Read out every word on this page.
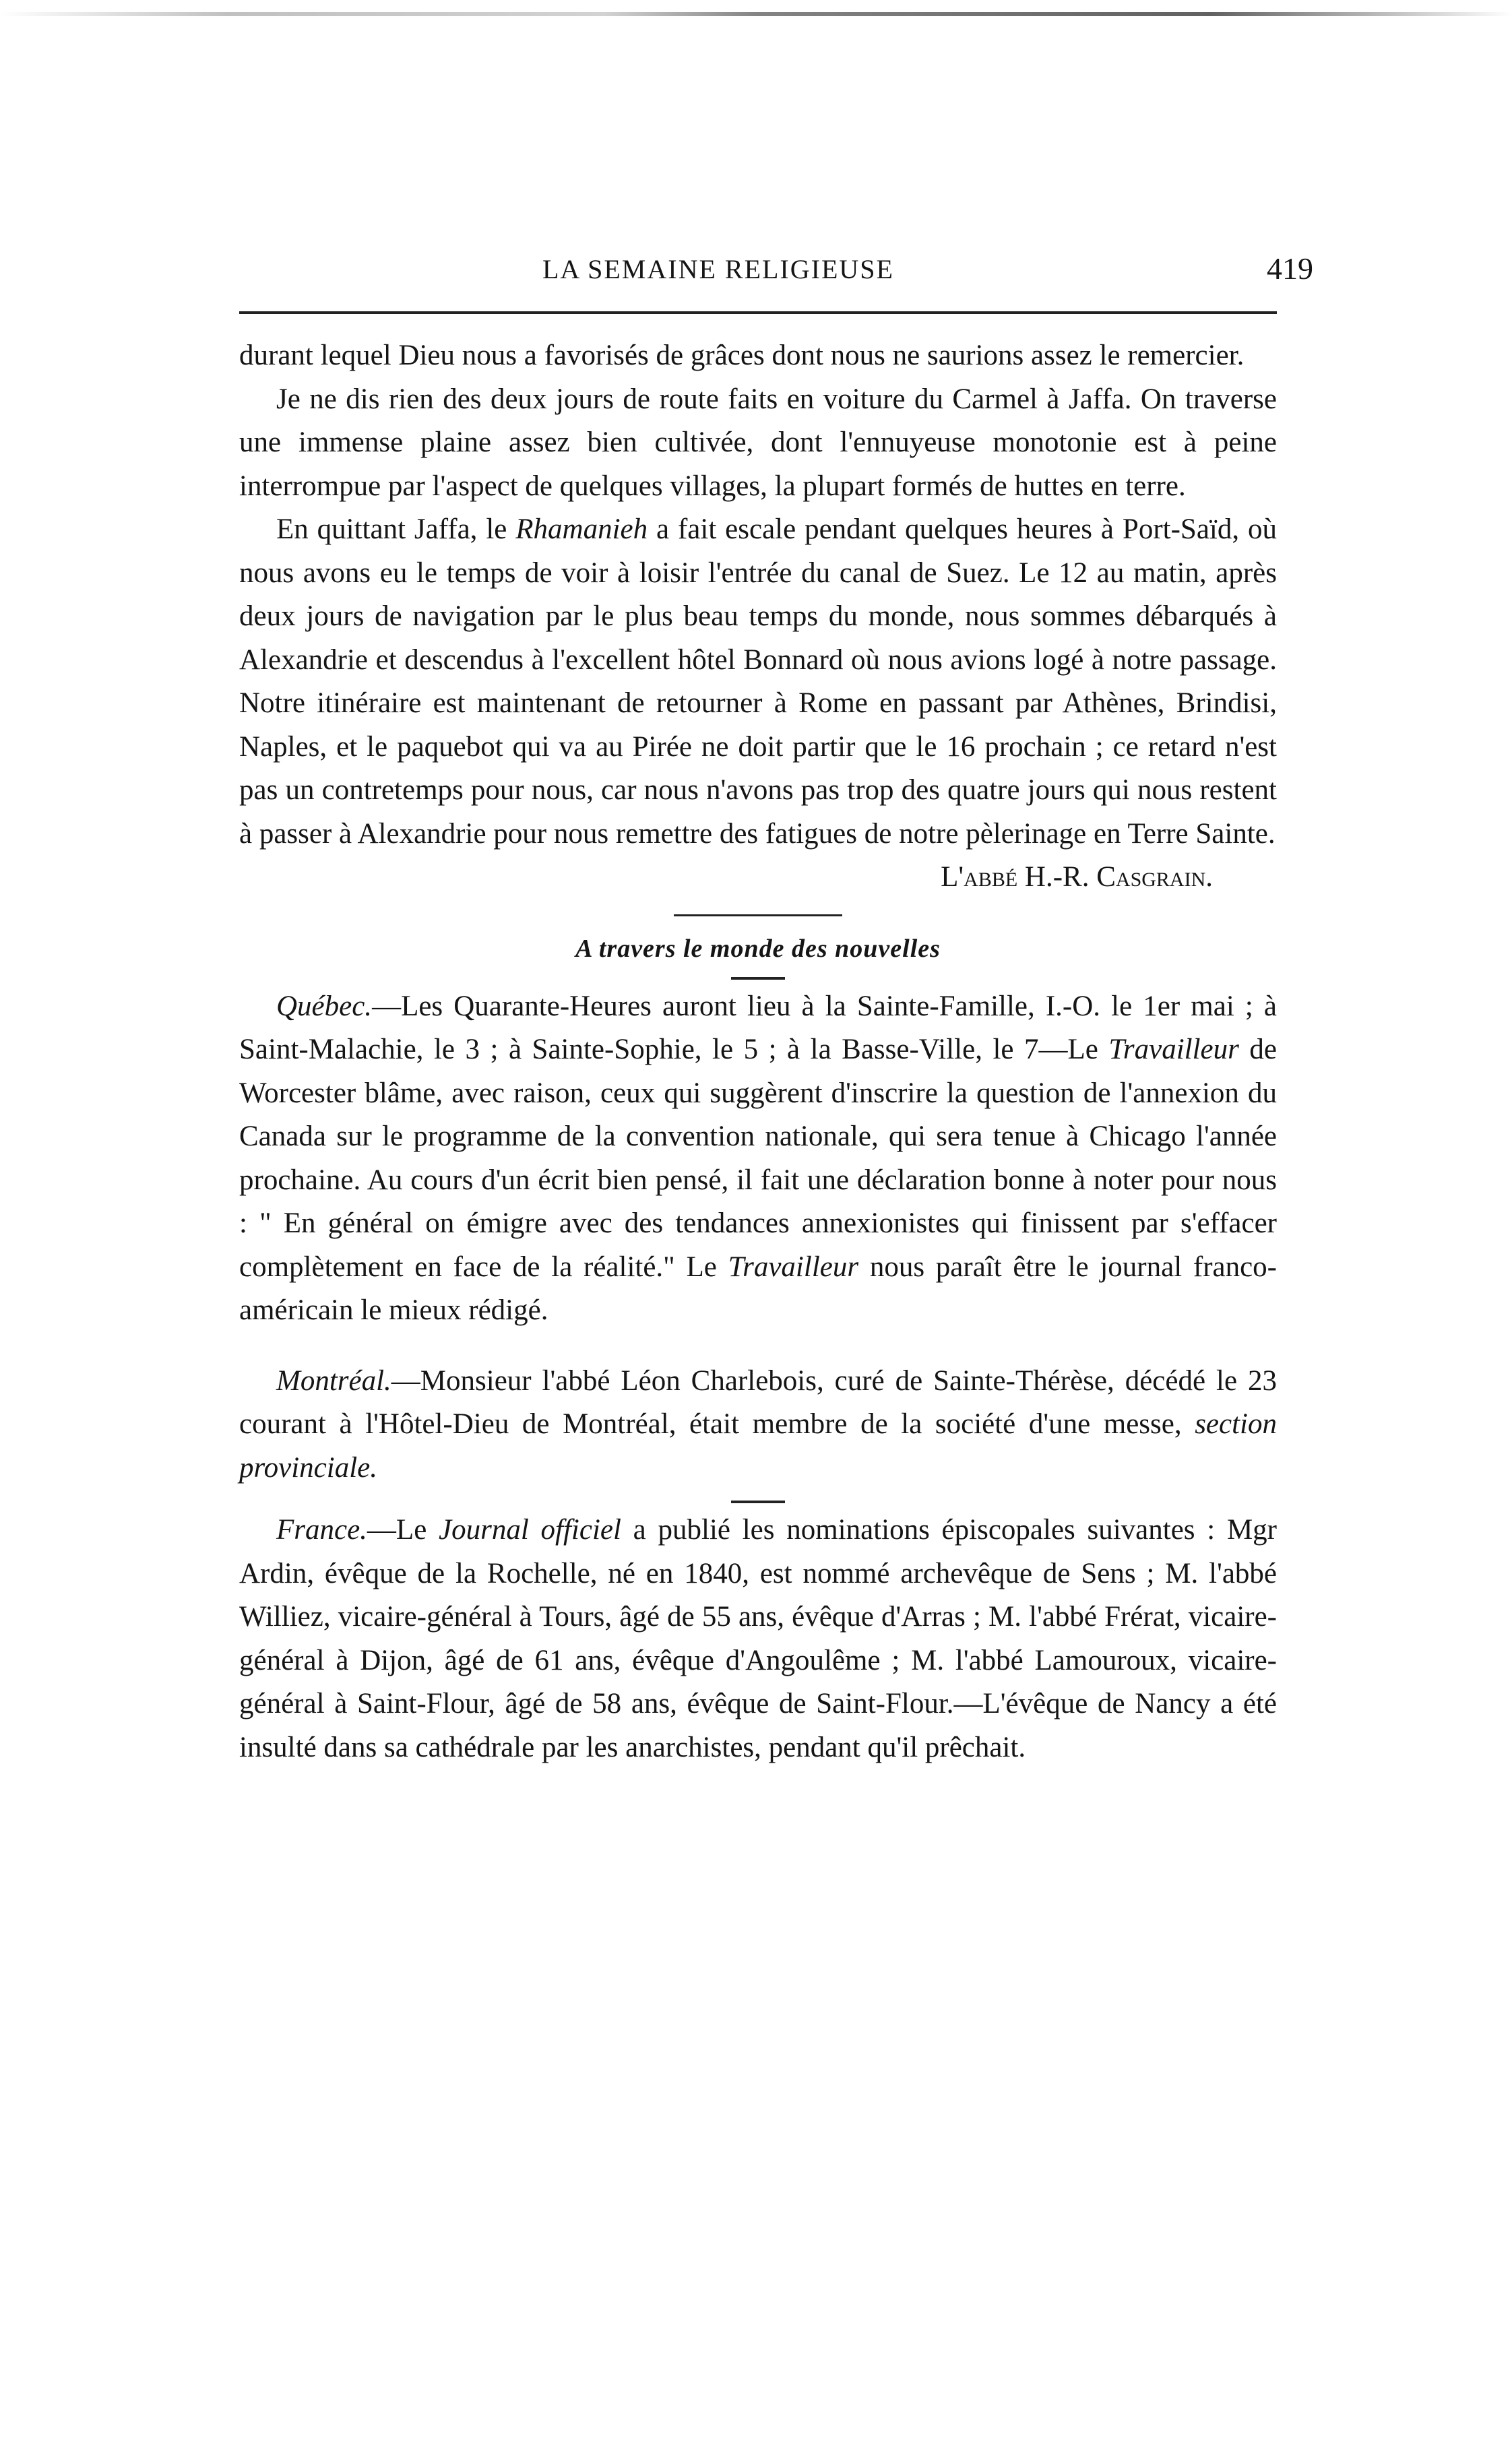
LA SEMAINE RELIGIEUSE	419

durant lequel Dieu nous a favorisés de grâces dont nous ne saurions assez le remercier.

Je ne dis rien des deux jours de route faits en voiture du Carmel à Jaffa. On traverse une immense plaine assez bien cultivée, dont l'ennuyeuse monotonie est à peine interrompue par l'aspect de quelques villages, la plupart formés de huttes en terre.

En quittant Jaffa, le Rhamanieh a fait escale pendant quelques heures à Port-Saïd, où nous avons eu le temps de voir à loisir l'entrée du canal de Suez. Le 12 au matin, après deux jours de navigation par le plus beau temps du monde, nous sommes débarqués à Alexandrie et descendus à l'excellent hôtel Bonnard où nous avions logé à notre passage. Notre itinéraire est maintenant de retourner à Rome en passant par Athènes, Brindisi, Naples, et le paquebot qui va au Pirée ne doit partir que le 16 prochain ; ce retard n'est pas un contretemps pour nous, car nous n'avons pas trop des quatre jours qui nous restent à passer à Alexandrie pour nous remettre des fatigues de notre pèlerinage en Terre Sainte.

L'abbé H.-R. Casgrain.

A travers le monde des nouvelles

Québec.—Les Quarante-Heures auront lieu à la Sainte-Famille, I.-O. le 1er mai ; à Saint-Malachie, le 3 ; à Sainte-Sophie, le 5 ; à la Basse-Ville, le 7—Le Travailleur de Worcester blâme, avec raison, ceux qui suggèrent d'inscrire la question de l'annexion du Canada sur le programme de la convention nationale, qui sera tenue à Chicago l'année prochaine. Au cours d'un écrit bien pensé, il fait une déclaration bonne à noter pour nous : " En général on émigre avec des tendances annexionistes qui finissent par s'effacer complètement en face de la réalité." Le Travailleur nous paraît être le journal franco-américain le mieux rédigé.

Montréal.—Monsieur l'abbé Léon Charlebois, curé de Sainte-Thérèse, décédé le 23 courant à l'Hôtel-Dieu de Montréal, était membre de la société d'une messe, section provinciale.

France.—Le Journal officiel a publié les nominations épiscopales suivantes : Mgr Ardin, évêque de la Rochelle, né en 1840, est nommé archevêque de Sens ; M. l'abbé Williez, vicaire-général à Tours, âgé de 55 ans, évêque d'Arras ; M. l'abbé Frérat, vicaire-général à Dijon, âgé de 61 ans, évêque d'Angoulême ; M. l'abbé Lamouroux, vicaire-général à Saint-Flour, âgé de 58 ans, évêque de Saint-Flour.—L'évêque de Nancy a été insulté dans sa cathédrale par les anarchistes, pendant qu'il prêchait.
